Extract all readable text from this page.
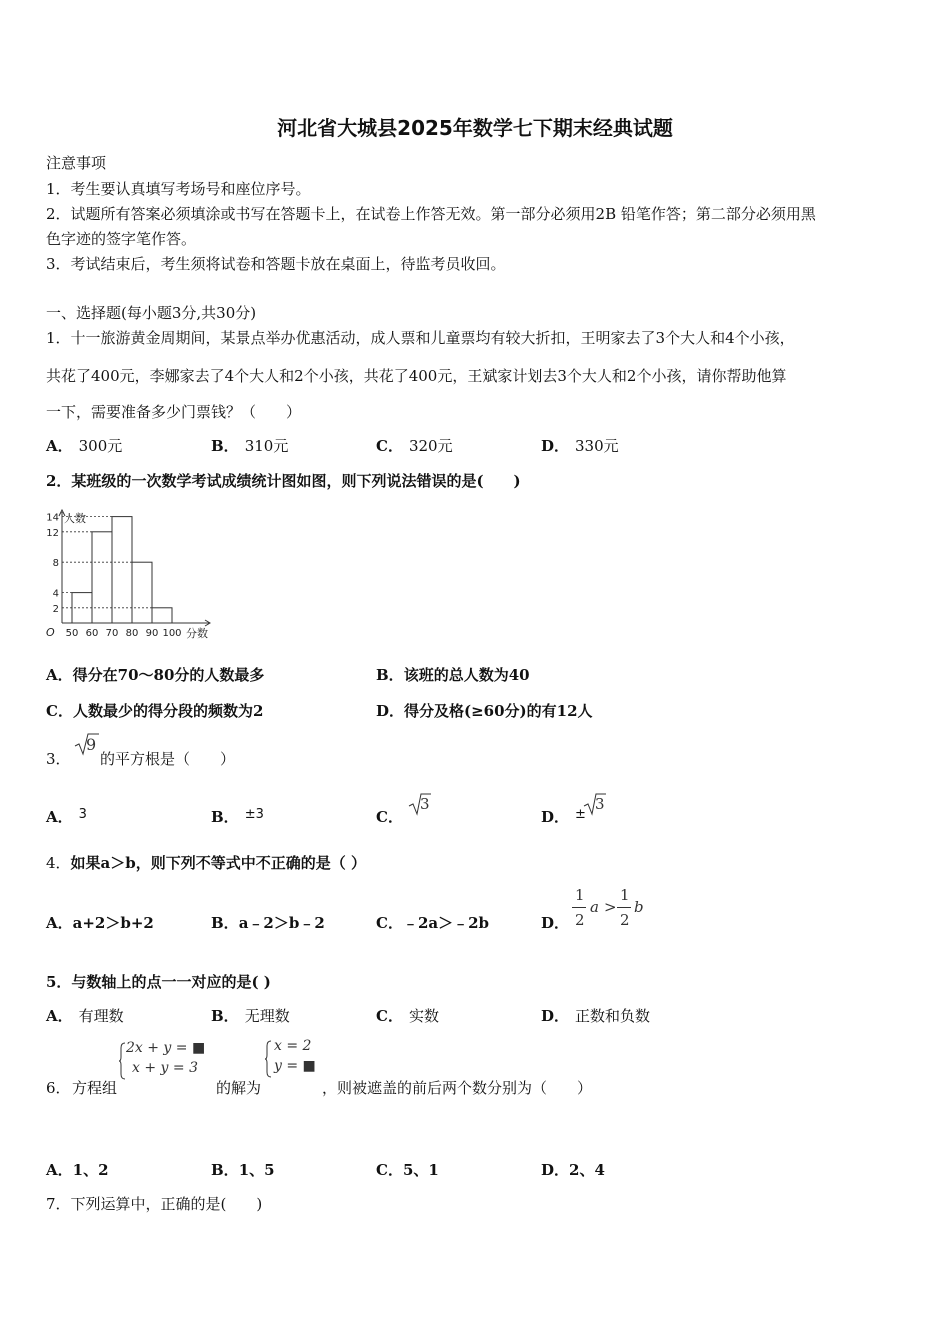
河北省大城县2025年数学七下期末经典试题
注意事项
1．考生要认真填写考场号和座位序号。
2．试题所有答案必须填涂或书写在答题卡上，在试卷上作答无效。第一部分必须用2B 铅笔作答；第二部分必须用黑
色字迹的签字笔作答。
3．考试结束后，考生须将试卷和答题卡放在桌面上，待监考员收回。
一、选择题(每小题3分,共30分)
1．十一旅游黄金周期间，某景点举办优惠活动，成人票和儿童票均有较大折扣，王明家去了3个大人和4个小孩，
共花了400元，李娜家去了4个大人和2个小孩，共花了400元，王斌家计划去3个大人和2个小孩，请你帮助他算
一下，需要准备多少门票钱？（　　）
A． 300元	B． 310元	C． 320元	D． 330元
2．某班级的一次数学考试成绩统计图如图，则下列说法错误的是(　　)
2
4
8
12
14
50 60 70 80 90 100
O
人数
分数
A．得分在70～80分的人数最多	B．该班的总人数为40
C．人数最少的得分段的频数为2	D．得分及格(≥60分)的有12人
3．
9
的平方根是（　　）
A． 3	B． ±3	C．
3
D． ±
3
4．如果a＞b，则下列不等式中不正确的是（ ）
A．a+2＞b+2	B．a﹣2＞b﹣2	C．﹣2a＞﹣2b	D．
1
2
a >
1
2
b
5．与数轴上的点一一对应的是( )
A． 有理数	B． 无理数	C． 实数	D． 正数和负数
6． 方程组
2x + y = ■
x + y = 3
的解为
x = 2
y = ■
，则被遮盖的前后两个数分别为（　　）
A．1、2	B．1、5	C．5、1	D．2、4
7．下列运算中，正确的是(　　)
